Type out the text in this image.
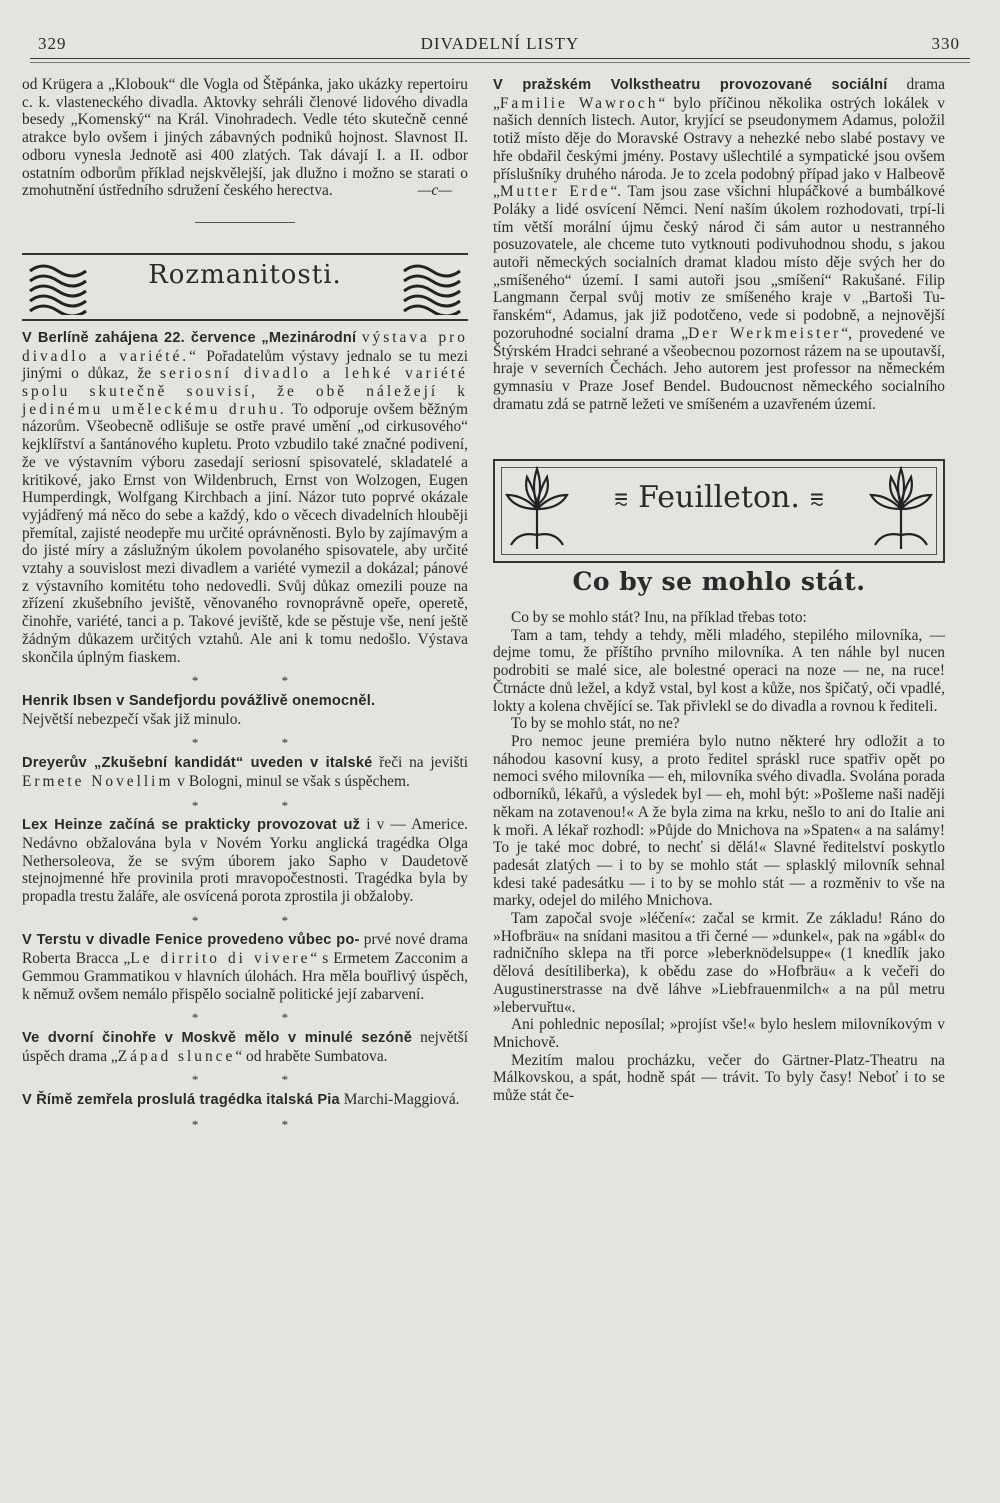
329	DIVADELNÍ LISTY	330

od Krügera a „Klobouk“ dle Vogla od Štěpánka, jako ukázky repertoiru c. k. vlasteneckého divadla. Aktovky sehráli členové lidového divadla besedy „Komenský“ na Král. Vinohradech. Vedle této skutečně cenné atrakce bylo ovšem i jiných zábavných podniků hojnost. Slavnost II. odboru vynesla Jednotě asi 400 zlatých. Tak dávají I. a II. odbor ostatním odborům příklad nejskvělejší, jak dlužno i možno se starati o zmohutnění ústředního sdružení českého herectva.	—c—

Rozmanitosti.

V Berlíně zahájena 22. července „Mezinárodní výstava pro divadlo a variété.“ Pořadatelům výstavy jednalo se tu mezi jinými o důkaz, že seriosní divadlo a lehké variété spolu skutečně souvisí, že obě náležejí k jedinému uměleckému druhu. To odporuje ovšem běžným názorům. Všeobecně odlišuje se ostře pravé umění „od cirkusového“ kejklířství a šantánového kupletu. Proto vzbudilo také značné podivení, že ve výstavním výboru zasedají seriosní spisovatelé, skladatelé a kritikové, jako Ernst von Wildenbruch, Ernst von Wolzogen, Eugen Humperdingk, Wolfgang Kirchbach a jiní. Názor tuto poprvé okázale vyjádřený má něco do sebe a každý, kdo o věcech divadelních hlouběji přemítal, zajisté neodepře mu určité oprávněnosti. Bylo by zajímavým a do jisté míry a záslužným úkolem povolaného spisovatele, aby určité vztahy a souvislost mezi divadlem a variété vymezil a dokázal; pánové z výstavního komitétu toho nedovedli. Svůj důkaz omezili pouze na zřízení zkušebního jeviště, věnovaného rovnoprávně opeře, operetě, činohře, variété, tanci a p. Takové jeviště, kde se pěstuje vše, není ještě žádným důkazem určitých vztahů. Ale ani k tomu nedošlo. Výstava skončila úplným fiaskem.

* *

Henrik Ibsen v Sandefjordu povážlivě onemocněl.
Největší nebezpečí však již minulo.

* *

Dreyerův „Zkušební kandidát“ uveden v italské řeči na jevišti Ermete Novellim v Bologni, minul se však s úspěchem.

* *

Lex Heinze začíná se prakticky provozovat už i v — Americe. Nedávno obžalována byla v Novém Yorku anglická tragédka Olga Nethersoleova, že se svým úborem jako Sapho v Daudetově stejnojmenné hře provinila proti mravopočestnosti. Tragédka byla by propadla trestu žaláře, ale osvícená porota zprostila ji obžaloby.

* *

V Terstu v divadle Fenice provedeno vůbec po- prvé nové drama Roberta Bracca „Le dirrito di vivere“ s Ermetem Zacconim a Gemmou Grammatikou v hlavních úlohách. Hra měla bouřlivý úspěch, k němuž ovšem nemálo přispělo socialně politické její zabarvení.

* *

Ve dvorní činohře v Moskvě mělo v minulé sezóně největší úspěch drama „Západ slunce“ od hraběte Sumbatova.

* *

V Římě zemřela proslulá tragédka italská Pia Marchi-Maggiová.

* *

V pražském Volkstheatru provozované sociální drama „Familie Wawroch“ bylo příčinou několika ostrých lokálek v našich denních listech. Autor, kryjící se pseudonymem Adamus, položil totiž místo děje do Moravské Ostravy a nehezké nebo slabé postavy ve hře obdařil českými jmény. Postavy ušlechtilé a sympatické jsou ovšem příslušníky druhého národa. Je to zcela podobný případ jako v Halbeově „Mutter Erde“. Tam jsou zase všichni hlupáčkové a bumbálkové Poláky a lidé osvícení Němci. Není naším úkolem rozhodovati, trpí-li tím větší morální újmu český národ či sám autor u nestranného posuzovatele, ale chceme tuto vytknouti podivuhodnou shodu, s jakou autoři německých socialních dramat kladou místo děje svých her do „smíšeného“ území. I sami autoři jsou „smíšení“ Rakušané. Filip Langmann čerpal svůj motiv ze smíšeného kraje v „Bartoši Tu-řanském“, Adamus, jak již podotčeno, vede si podobně, a nejnovější pozoruhodné socialní drama „Der Werkmeister“, provedené ve Štýrském Hradci sehrané a všeobecnou pozornost rázem na se upoutavší, hraje v severních Čechách. Jeho autorem jest professor na německém gymnasiu v Praze Josef Bendel. Budoucnost německého socialního dramatu zdá se patrně ležeti ve smíšeném a uzavřeném území.

⩳ Feuilleton. ⩳
Co by se mohlo stát.

Co by se mohlo stát? Inu, na příklad třebas toto:

Tam a tam, tehdy a tehdy, měli mladého, stepilého milovníka, — dejme tomu, že příštího prvního milovníka. A ten náhle byl nucen podrobiti se malé sice, ale bolestné operaci na noze — ne, na ruce! Čtrnácte dnů ležel, a když vstal, byl kost a kůže, nos špičatý, oči vpadlé, lokty a kolena chvějící se. Tak přivlekl se do divadla a rovnou k řediteli.

To by se mohlo stát, no ne?

Pro nemoc jeune premiéra bylo nutno některé hry odložit a to náhodou kasovní kusy, a proto ředitel spráskl ruce spatřiv opět po nemoci svého milovníka — eh, milovníka svého divadla. Svolána porada odborníků, lékařů, a výsledek byl — eh, mohl být: »Pošleme naši naději někam na zotavenou!« A že byla zima na krku, nešlo to ani do Italie ani k moři. A lékař rozhodl: »Půjde do Mnichova na »Spaten« a na salámy! To je také moc dobré, to nechť si dělá!« Slavné ředitelství poskytlo padesát zlatých — i to by se mohlo stát — splasklý milovník sehnal kdesi také padesátku — i to by se mohlo stát — a rozměniv to vše na marky, odejel do milého Mnichova.

Tam započal svoje »léčení«: začal se krmit. Ze základu! Ráno do »Hofbräu« na snídani masitou a tři černé — »dunkel«, pak na »gábl« do radničního sklepa na tři porce »leberknödelsuppe« (1 knedlík jako dělová desítiliberka), k obědu zase do »Hofbräu« a k večeři do Augustinerstrasse na dvě láhve »Liebfrauenmilch« a na půl metru »lebervuřtu«.

Ani pohlednic neposílal; »projíst vše!« bylo heslem milovníkovým v Mnichově.

Mezitím malou procházku, večer do Gärtner-Platz-Theatru na Málkovskou, a spát, hodně spát — trávit. To byly časy! Neboť i to se může stát če-
